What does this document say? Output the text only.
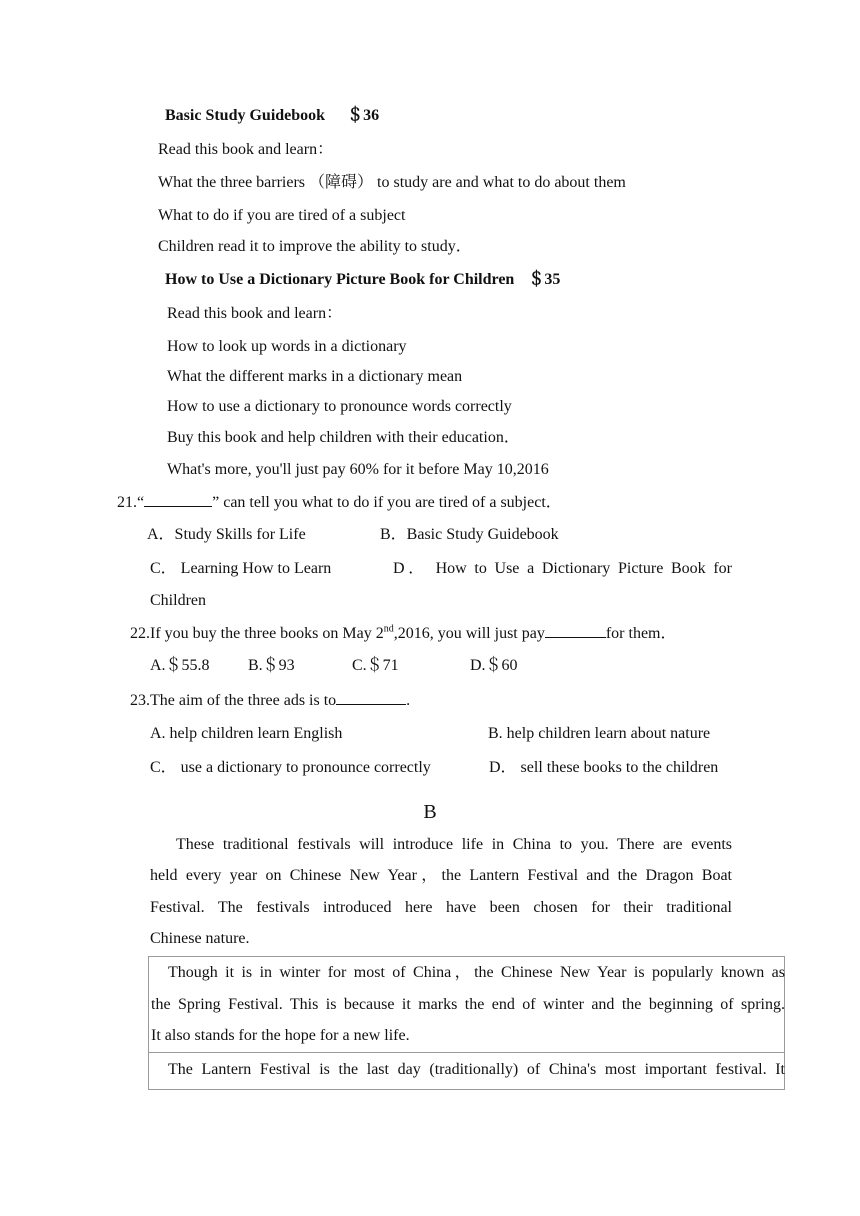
Basic Study Guidebook ＄36
Read this book and learn：
What the three barriers （障碍） to study are and what to do about them
What to do if you are tired of a subject
Children read it to improve the ability to study．
How to Use a Dictionary Picture Book for Children ＄35
Read this book and learn：
How to look up words in a dictionary
What the different marks in a dictionary mean
How to use a dictionary to pronounce words correctly
Buy this book and help children with their education．
What's more, you'll just pay 60% for it before May 10,2016
21.“	” can tell you what to do if you are tired of a subject．
A．Study Skills for Life	B．Basic Study Guidebook
C． Learning How to Learn	D． How to Use a Dictionary Picture Book for
Children
22.If you buy the three books on May 2nd,2016, you will just pay	for them．
A.＄55.8 B.＄93	C.＄71	D.＄60
23.The aim of the three ads is to	.
A. help children learn English	B. help children learn about nature
C． use a dictionary to pronounce correctly	D． sell these books to the children
B
These traditional festivals will introduce life in China to you. There are events
held every year on Chinese New Year，the Lantern Festival and the Dragon Boat
Festival. The festivals introduced here have been chosen for their traditional
Chinese nature.
Though it is in winter for most of China，the Chinese New Year is popularly known as
the Spring Festival. This is because it marks the end of winter and the beginning of spring.
It also stands for the hope for a new life.
The Lantern Festival is the last day (traditionally) of China's most important festival. It
